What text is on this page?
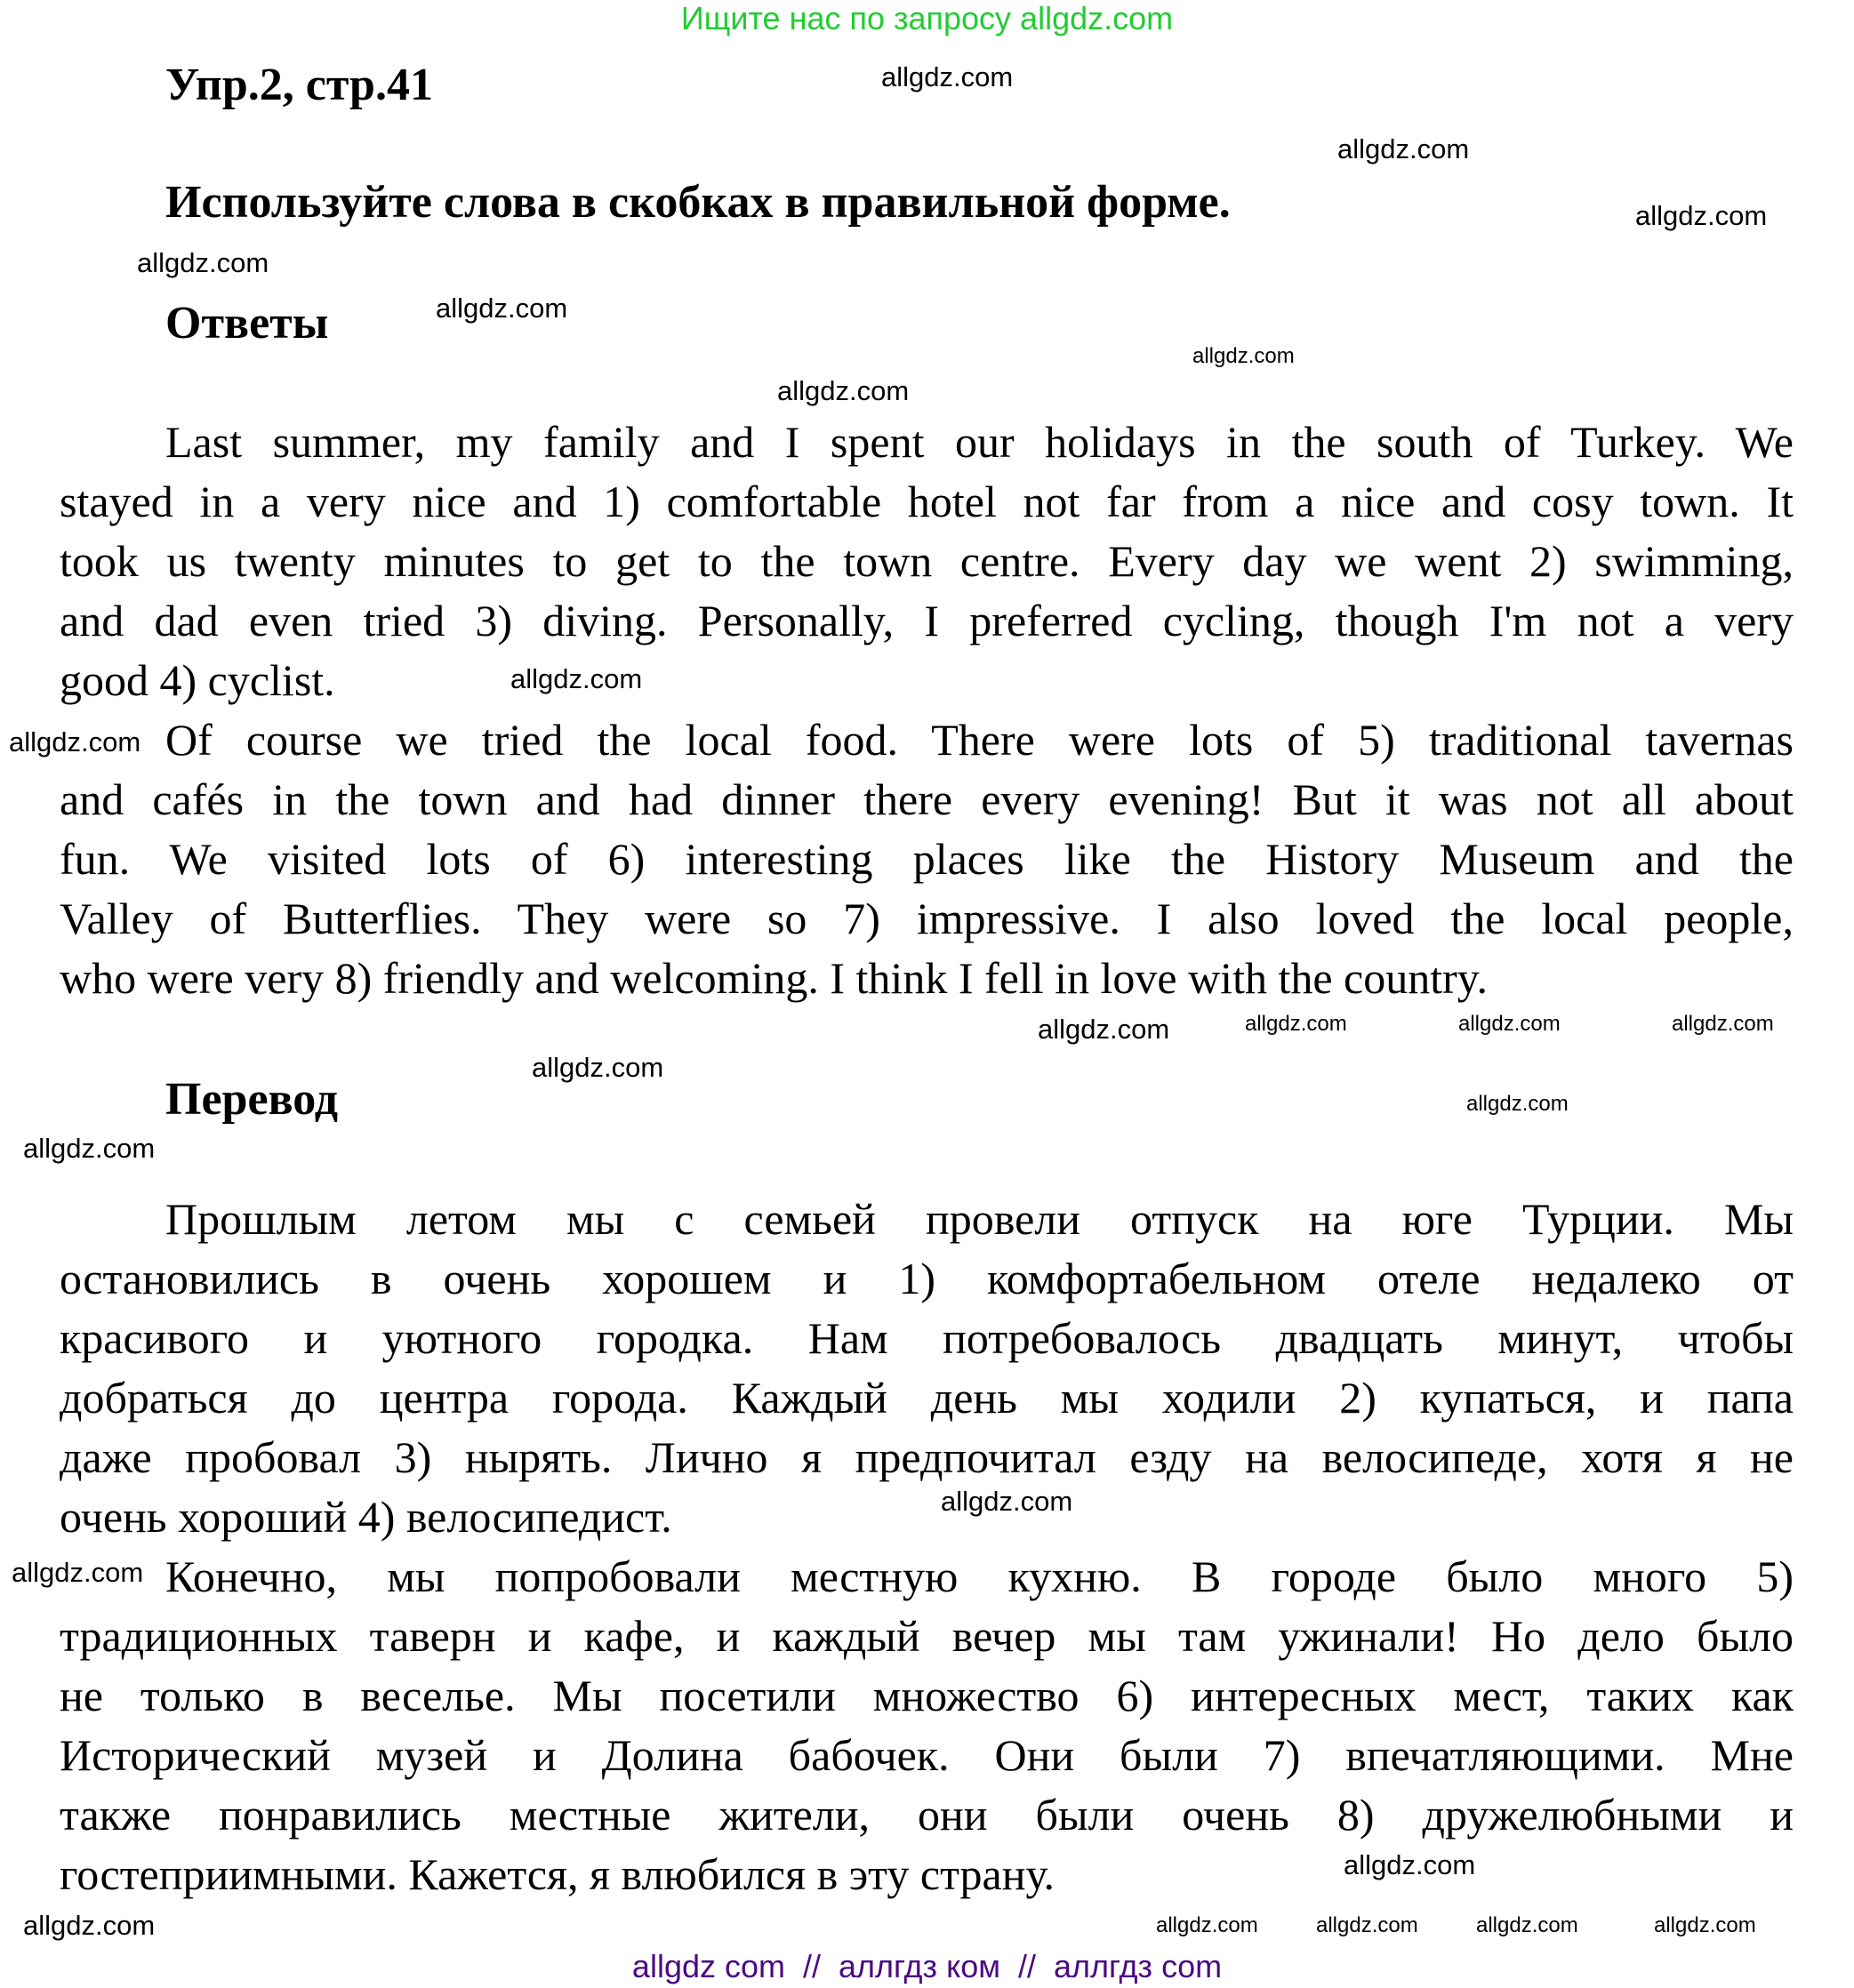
Ищите нас по запросу allgdz.com
Упр.2, стр.41
Используйте слова в скобках в правильной форме.
Ответы
Last summer, my family and I spent our holidays in the south of Turkey. We
stayed in a very nice and 1) comfortable hotel not far from a nice and cosy town. It
took us twenty minutes to get to the town centre. Every day we went 2) swimming,
and dad even tried 3) diving. Personally, I preferred cycling, though I'm not a very
good 4) cyclist.
Of course we tried the local food. There were lots of 5) traditional tavernas
and cafés in the town and had dinner there every evening! But it was not all about
fun. We visited lots of 6) interesting places like the History Museum and the
Valley of Butterflies. They were so 7) impressive. I also loved the local people,
who were very 8) friendly and welcoming. I think I fell in love with the country.
Перевод
Прошлым летом мы с семьей провели отпуск на юге Турции. Мы
остановились в очень хорошем и 1) комфортабельном отеле недалеко от
красивого и уютного городка. Нам потребовалось двадцать минут, чтобы
добраться до центра города. Каждый день мы ходили 2) купаться, и папа
даже пробовал 3) нырять. Лично я предпочитал езду на велосипеде, хотя я не
очень хороший 4) велосипедист.
Конечно, мы попробовали местную кухню. В городе было много 5)
традиционных таверн и кафе, и каждый вечер мы там ужинали! Но дело было
не только в веселье. Мы посетили множество 6) интересных мест, таких как
Исторический музей и Долина бабочек. Они были 7) впечатляющими. Мне
также понравились местные жители, они были очень 8) дружелюбными и
гостеприимными. Кажется, я влюбился в эту страну.
allgdz com  //  аллгдз ком  //  аллгдз com
allgdz.com
allgdz.com
allgdz.com
allgdz.com
allgdz.com
allgdz.com
allgdz.com
allgdz.com
allgdz.com
allgdz.com
allgdz.com
allgdz.com
allgdz.com
allgdz.com
allgdz.com
allgdz.com	allgdz.com	allgdz.com
allgdz.com
allgdz.com
allgdz.com
allgdz.com
allgdz.com
allgdz.com
